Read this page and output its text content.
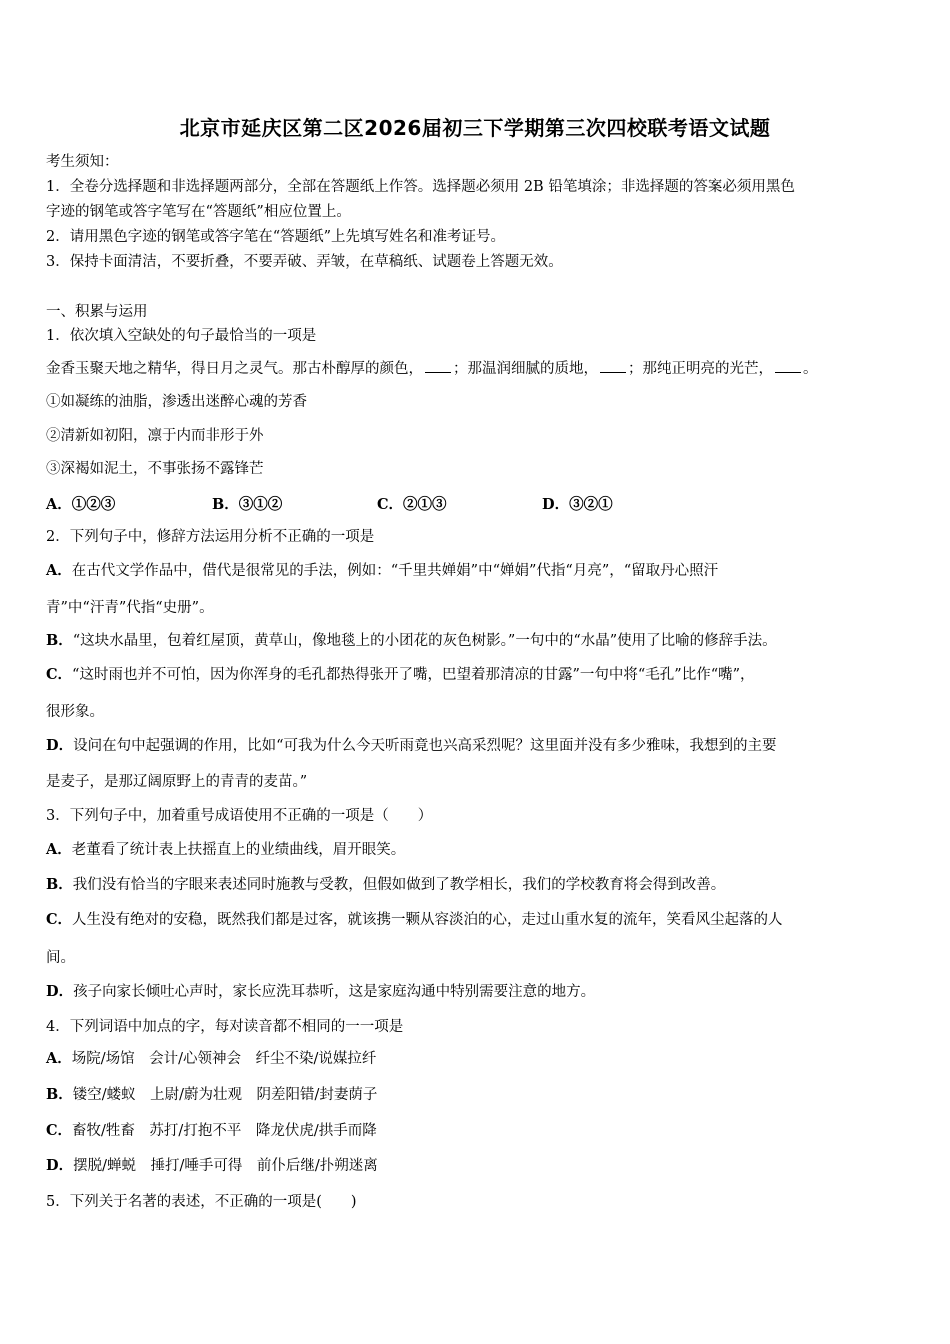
北京市延庆区第二区2026届初三下学期第三次四校联考语文试题
考生须知：
1．全卷分选择题和非选择题两部分，全部在答题纸上作答。选择题必须用 2B 铅笔填涂；非选择题的答案必须用黑色
字迹的钢笔或答字笔写在“答题纸”相应位置上。
2．请用黑色字迹的钢笔或答字笔在“答题纸”上先填写姓名和准考证号。
3．保持卡面清洁，不要折叠，不要弄破、弄皱，在草稿纸、试题卷上答题无效。
一、积累与运用
1．依次填入空缺处的句子最恰当的一项是
金香玉聚天地之精华，得日月之灵气。那古朴醇厚的颜色， ；那温润细腻的质地， ；那纯正明亮的光芒， 。
①如凝练的油脂，渗透出迷醉心魂的芳香
②清新如初阳，凛于内而非形于外
③深褐如泥土，不事张扬不露锋芒
A．①②③	B．③①②	C．②①③	D．③②①
2．下列句子中，修辞方法运用分析不正确的一项是
A．在古代文学作品中，借代是很常见的手法，例如：“千里共婵娟”中“婵娟”代指“月亮”，“留取丹心照汗
青”中“汗青”代指“史册”。
B．“这块水晶里，包着红屋顶，黄草山，像地毯上的小团花的灰色树影。”一句中的“水晶”使用了比喻的修辞手法。
C．“这时雨也并不可怕，因为你浑身的毛孔都热得张开了嘴，巴望着那清凉的甘露”一句中将“毛孔”比作“嘴”，
很形象。
D．设问在句中起强调的作用，比如“可我为什么今天听雨竟也兴高采烈呢？这里面并没有多少雅味，我想到的主要
是麦子，是那辽阔原野上的青青的麦苗。”
3．下列句子中，加着重号成语使用不正确的一项是（　　）
A．老董看了统计表上扶摇直上的业绩曲线，眉开眼笑。
B．我们没有恰当的字眼来表述同时施教与受教，但假如做到了教学相长，我们的学校教育将会得到改善。
C．人生没有绝对的安稳，既然我们都是过客，就该携一颗从容淡泊的心，走过山重水复的流年，笑看风尘起落的人
间。
D．孩子向家长倾吐心声时，家长应洗耳恭听，这是家庭沟通中特别需要注意的地方。
4．下列词语中加点的字，每对读音都不相同的一一项是
A．场院/场馆　会计/心领神会　纤尘不染/说媒拉纤
B．镂空/蝼蚁　上尉/蔚为壮观　阴差阳错/封妻荫子
C．畜牧/牲畜　苏打/打抱不平　降龙伏虎/拱手而降
D．摆脱/蝉蜕　捶打/唾手可得　前仆后继/扑朔迷离
5．下列关于名著的表述，不正确的一项是(　　)
